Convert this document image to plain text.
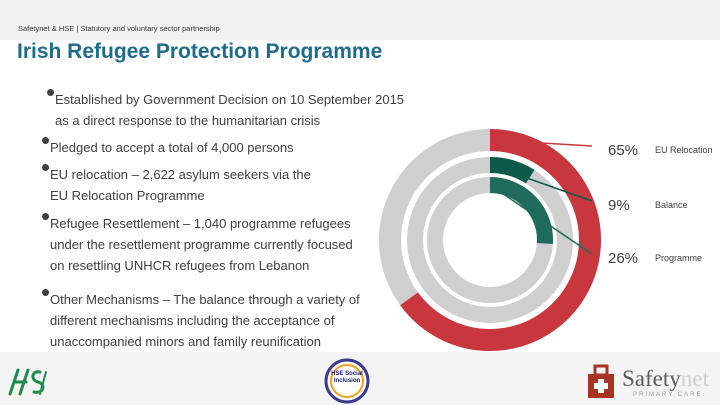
Safetynet & HSE | Statutory and voluntary sector partnership
Irish Refugee Protection Programme
• Established by Government Decision on 10 September 2015
as a direct response to the humanitarian crisis
• Pledged to accept a total of 4,000 persons
• EU relocation – 2,622 asylum seekers via the
EU Relocation Programme
• Refugee Resettlement – 1,040 programme refugees
under the resettlement programme currently focused
on resettling UNHCR refugees from Lebanon
• Other Mechanisms – The balance through a variety of
different mechanisms including the acceptance of
unaccompanied minors and family reunification
65% EU Relocation
9%	Balance
26% Programme
HSE Social Inclusion	Safetynet
PRIMARY CARE
